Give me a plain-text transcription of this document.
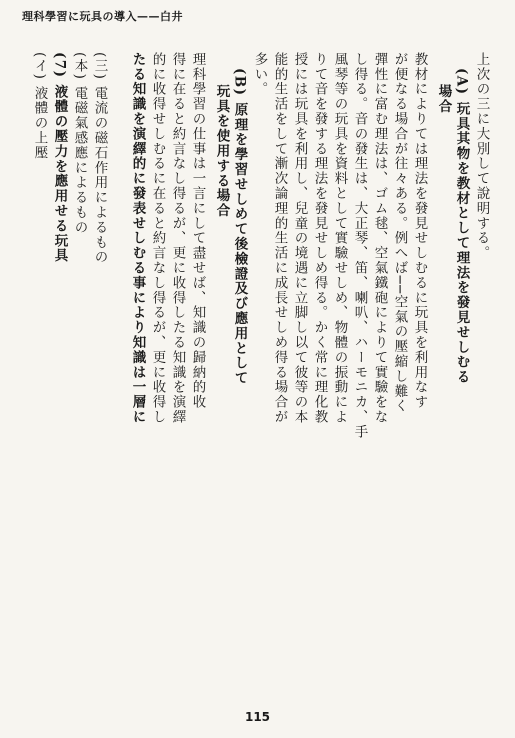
理科學習に玩具の導入——白井
上次の三に大別して說明する。
(A) 玩具其物を教材として理法を發見せしむる
場合
教材によりては理法を發見せしむるに玩具を利用なす
が便なる場合が往々ある。例へば──空氣の壓縮し難く
彈性に富む理法は、ゴム毬、空氣鐵砲によりて實驗をな
し得る。音の發生は、大正琴、笛、喇叭、ハーモニカ、手
風琴等の玩具を資料として實驗せしめ、物體の振動によ
りて音を發する理法を發見せしめ得る。かく常に理化教
授には玩具を利用し、兒童の境遇に立脚し以て彼等の本
能的生活をして漸次論理的生活に成長せしめ得る場合が
多い。
(B) 原理を學習せしめて後檢證及び應用として
玩具を使用する場合
理科學習の仕事は一言にして盡せば、知識の歸納的收
得に在ると約言なし得るが、更に收得したる知識を演繹
的に收得せしむるに在ると約言なし得るが、更に收得し
たる知識を演繹的に發表せしむる事により知識は一層に
(三) 電流の磁石作用によるもの
(本) 電磁氣感應によるもの
(7) 液體の壓力を應用せる玩具
(イ) 液體の上壓
115
